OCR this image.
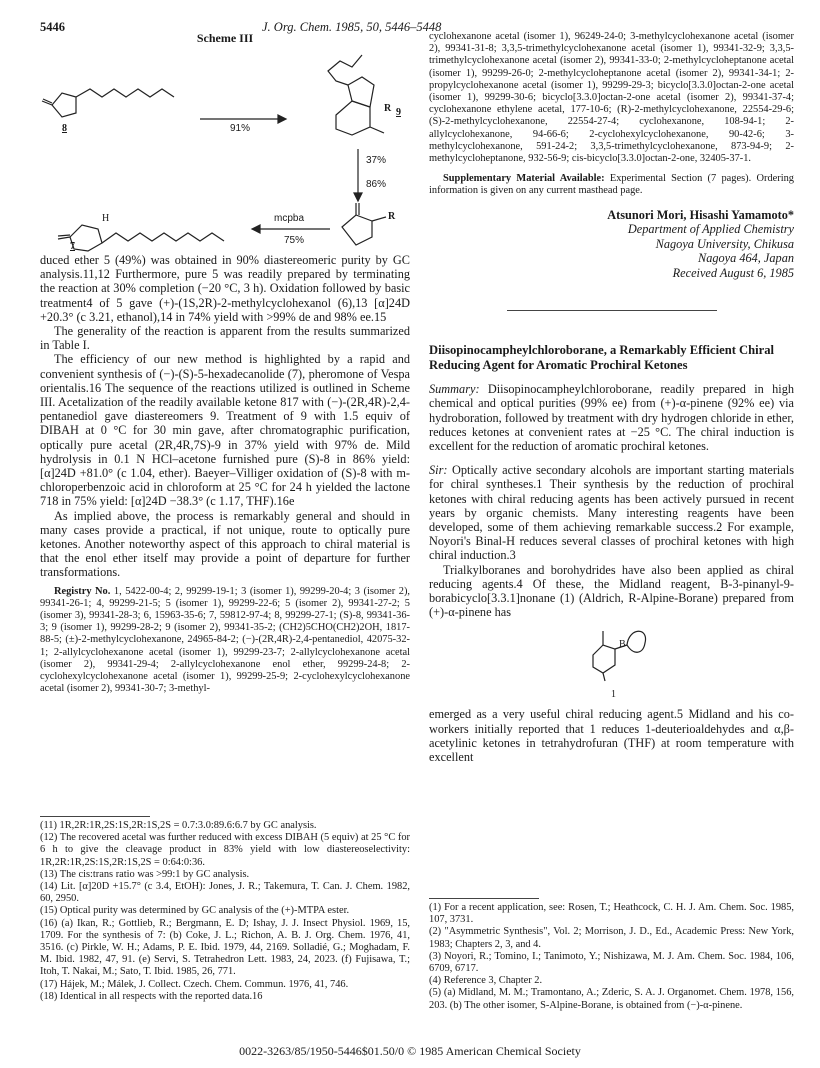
5446	J. Org. Chem. 1985, 50, 5446–5448
Scheme III
8	91%
R 9
37%
86%
R
mcpba
75%
H
7

duced ether 5 (49%) was obtained in 90% diastereomeric purity by GC analysis.11,12 Furthermore, pure 5 was readily prepared by terminating the reaction at 30% completion (−20 °C, 3 h). Oxidation followed by basic treatment4 of 5 gave (+)-(1S,2R)-2-methylcyclohexanol (6),13 [α]24D +20.3° (c 3.21, ethanol),14 in 74% yield with >99% de and 98% ee.15

The generality of the reaction is apparent from the results summarized in Table I.

The efficiency of our new method is highlighted by a rapid and convenient synthesis of (−)-(S)-5-hexadecanolide (7), pheromone of Vespa orientalis.16 The sequence of the reactions utilized is outlined in Scheme III. Acetalization of the readily available ketone 817 with (−)-(2R,4R)-2,4-pentanediol gave diastereomers 9. Treatment of 9 with 1.5 equiv of DIBAH at 0 °C for 30 min gave, after chromatographic purification, optically pure acetal (2R,4R,7S)-9 in 37% yield with 97% de. Mild hydrolysis in 0.1 N HCl–acetone furnished pure (S)-8 in 86% yield: [α]24D +81.0° (c 1.04, ether). Baeyer–Villiger oxidation of (S)-8 with m-chloroperbenzoic acid in chloroform at 25 °C for 24 h yielded the lactone 718 in 75% yield: [α]24D −38.3° (c 1.17, THF).16e

As implied above, the process is remarkably general and should in many cases provide a practical, if not unique, route to optically pure ketones. Another noteworthy aspect of this approach to chiral material is that the enol ether itself may provide a point of departure for further transformations.

Registry No. 1, 5422-00-4; 2, 99299-19-1; 3 (isomer 1), 99299-20-4; 3 (isomer 2), 99341-26-1; 4, 99299-21-5; 5 (isomer 1), 99299-22-6; 5 (isomer 2), 99341-27-2; 5 (isomer 3), 99341-28-3; 6, 15963-35-6; 7, 59812-97-4; 8, 99299-27-1; (S)-8, 99341-36-3; 9 (isomer 1), 99299-28-2; 9 (isomer 2), 99341-35-2; (CH2)5CHO(CH2)2OH, 1817-88-5; (±)-2-methylcyclohexanone, 24965-84-2; (−)-(2R,4R)-2,4-pentanediol, 42075-32-1; 2-allylcyclohexanone acetal (isomer 1), 99299-23-7; 2-allylcyclohexanone acetal (isomer 2), 99341-29-4; 2-allylcyclohexanone enol ether, 99299-24-8; 2-cyclohexylcyclohexanone acetal (isomer 1), 99299-25-9; 2-cyclohexylcyclohexanone acetal (isomer 2), 99341-30-7; 3-methyl-

(11) 1R,2R:1R,2S:1S,2R:1S,2S = 0.7:3.0:89.6:6.7 by GC analysis.

(12) The recovered acetal was further reduced with excess DIBAH (5 equiv) at 25 °C for 6 h to give the cleavage product in 83% yield with low diastereoselectivity: 1R,2R:1R,2S:1S,2R:1S,2S = 0:64:0:36.

(13) The cis:trans ratio was >99:1 by GC analysis.

(14) Lit. [α]20D +15.7° (c 3.4, EtOH): Jones, J. R.; Takemura, T. Can. J. Chem. 1982, 60, 2950.

(15) Optical purity was determined by GC analysis of the (+)-MTPA ester.

(16) (a) Ikan, R.; Gottlieb, R.; Bergmann, E. D; Ishay, J. J. Insect Physiol. 1969, 15, 1709. For the synthesis of 7: (b) Coke, J. L.; Richon, A. B. J. Org. Chem. 1976, 41, 3516. (c) Pirkle, W. H.; Adams, P. E. Ibid. 1979, 44, 2169. Solladié, G.; Moghadam, F. M. Ibid. 1982, 47, 91. (e) Servi, S. Tetrahedron Lett. 1983, 24, 2023. (f) Fujisawa, T.; Itoh, T. Nakai, M.; Sato, T. Ibid. 1985, 26, 771.

(17) Hájek, M.; Málek, J. Collect. Czech. Chem. Commun. 1976, 41, 746.

(18) Identical in all respects with the reported data.16

cyclohexanone acetal (isomer 1), 96249-24-0; 3-methylcyclohexanone acetal (isomer 2), 99341-31-8; 3,3,5-trimethylcyclohexanone acetal (isomer 1), 99341-32-9; 3,3,5-trimethylcyclohexanone acetal (isomer 2), 99341-33-0; 2-methylcycloheptanone acetal (isomer 1), 99299-26-0; 2-methylcycloheptanone acetal (isomer 2), 99341-34-1; 2-propylcyclohexanone acetal (isomer 1), 99299-29-3; bicyclo[3.3.0]octan-2-one acetal (isomer 1), 99299-30-6; bicyclo[3.3.0]octan-2-one acetal (isomer 2), 99341-37-4; cyclohexanone ethylene acetal, 177-10-6; (R)-2-methylcyclohexanone, 22554-29-6; (S)-2-methylcyclohexanone, 22554-27-4; cyclohexanone, 108-94-1; 2-allylcyclohexanone, 94-66-6; 2-cyclohexylcyclohexanone, 90-42-6; 3-methylcyclohexanone, 591-24-2; 3,3,5-trimethylcyclohexanone, 873-94-9; 2-methylcycloheptanone, 932-56-9; cis-bicyclo[3.3.0]octan-2-one, 32405-37-1.
Supplementary Material Available: Experimental Section (7 pages). Ordering information is given on any current masthead page.
Atsunori Mori, Hisashi Yamamoto*
Department of Applied Chemistry
Nagoya University, Chikusa
Nagoya 464, Japan
Received August 6, 1985

Diisopinocampheylchloroborane, a Remarkably Efficient Chiral Reducing Agent for Aromatic Prochiral Ketones

Summary: Diisopinocampheylchloroborane, readily prepared in high chemical and optical purities (99% ee) from (+)-α-pinene (92% ee) via hydroboration, followed by treatment with dry hydrogen chloride in ether, reduces ketones at convenient rates at −25 °C. The chiral induction is excellent for the reduction of aromatic prochiral ketones.
Sir: Optically active secondary alcohols are important starting materials for chiral syntheses.1 Their synthesis by the reduction of prochiral ketones with chiral reducing agents has been actively pursued in recent years by organic chemists. Many interesting reagents have been developed, some of them achieving remarkable success.2 For example, Noyori's Binal-H reduces several classes of prochiral ketones with high chiral induction.3

Trialkylboranes and borohydrides have also been applied as chiral reducing agents.4 Of these, the Midland reagent, B-3-pinanyl-9-borabicyclo[3.3.1]nonane (1) (Aldrich, R-Alpine-Borane) prepared from (+)-α-pinene has

B
1

emerged as a very useful chiral reducing agent.5 Midland and his co-workers initially reported that 1 reduces 1-deuterioaldehydes and α,β-acetylinic ketones in tetrahydrofuran (THF) at room temperature with excellent

(1) For a recent application, see: Rosen, T.; Heathcock, C. H. J. Am. Chem. Soc. 1985, 107, 3731.

(2) "Asymmetric Synthesis", Vol. 2; Morrison, J. D., Ed., Academic Press: New York, 1983; Chapters 2, 3, and 4.

(3) Noyori, R.; Tomino, I.; Tanimoto, Y.; Nishizawa, M. J. Am. Chem. Soc. 1984, 106, 6709, 6717.

(4) Reference 3, Chapter 2.

(5) (a) Midland, M. M.; Tramontano, A.; Zderic, S. A. J. Organomet. Chem. 1978, 156, 203. (b) The other isomer, S-Alpine-Borane, is obtained from (−)-α-pinene.

0022-3263/85/1950-5446$01.50/0 © 1985 American Chemical Society
